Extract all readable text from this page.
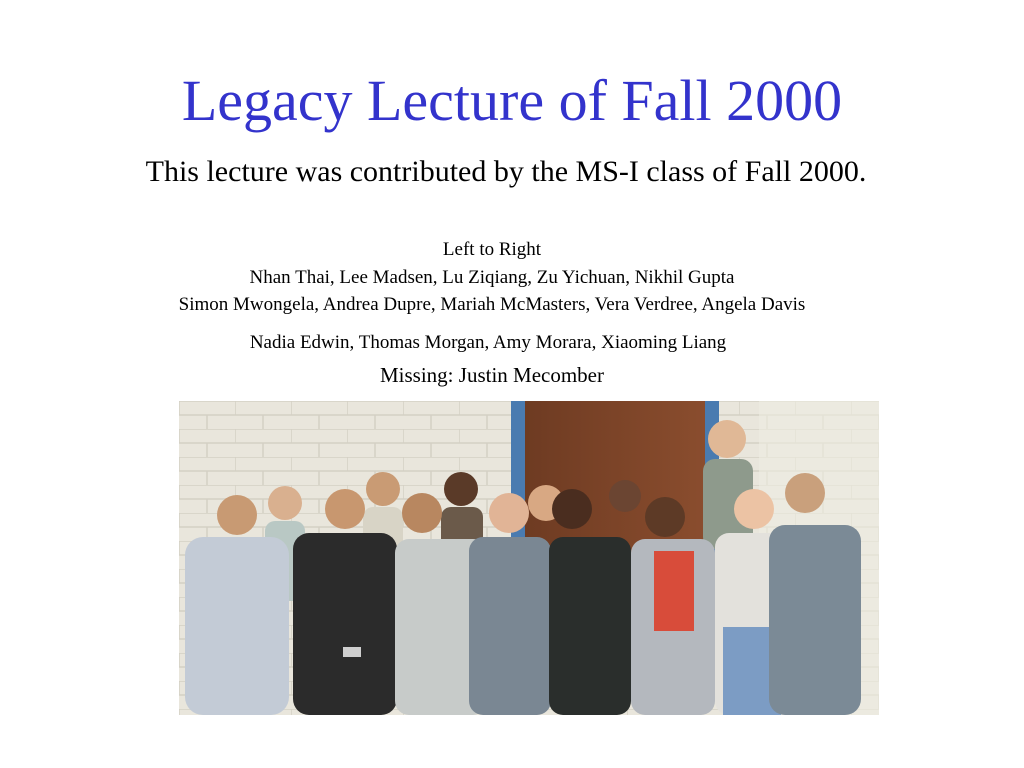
Legacy Lecture of Fall 2000
This lecture was contributed by the MS-I class of Fall 2000.
Left to Right
Nhan Thai, Lee Madsen, Lu Ziqiang, Zu Yichuan, Nikhil Gupta
Simon Mwongela, Andrea Dupre, Mariah McMasters, Vera Verdree, Angela Davis
Nadia Edwin, Thomas Morgan, Amy Morara, Xiaoming Liang
Missing: Justin Mecomber
